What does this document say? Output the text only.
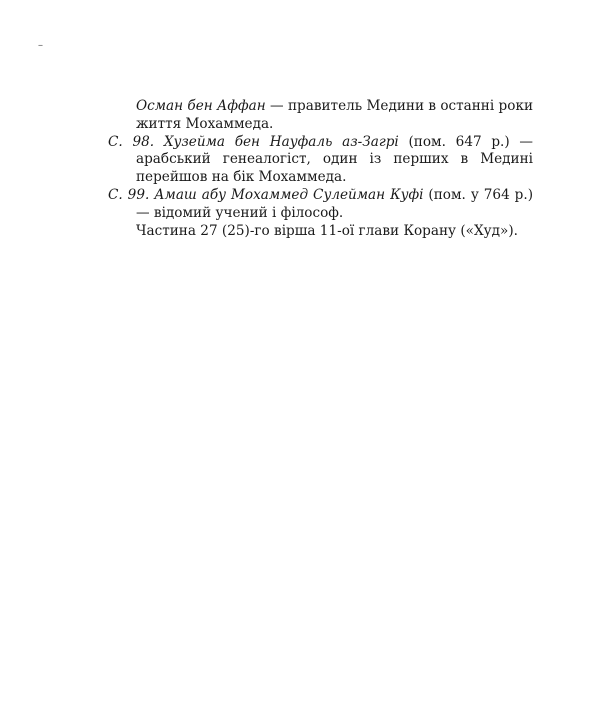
–

Осман бен Аффан — правитель Медини в останні роки життя Мохаммеда.

С. 98. Хузейма бен Науфаль аз-Загрі (пом. 647 р.) — арабський генеалогіст, один із перших в Медині перейшов на бік Мохаммеда.

С. 99. Амаш абу Мохаммед Сулейман Куфі (пом. у 764 р.) — відомий учений і філософ.

Частина 27 (25)-го вірша 11-ої глави Корану («Худ»).
